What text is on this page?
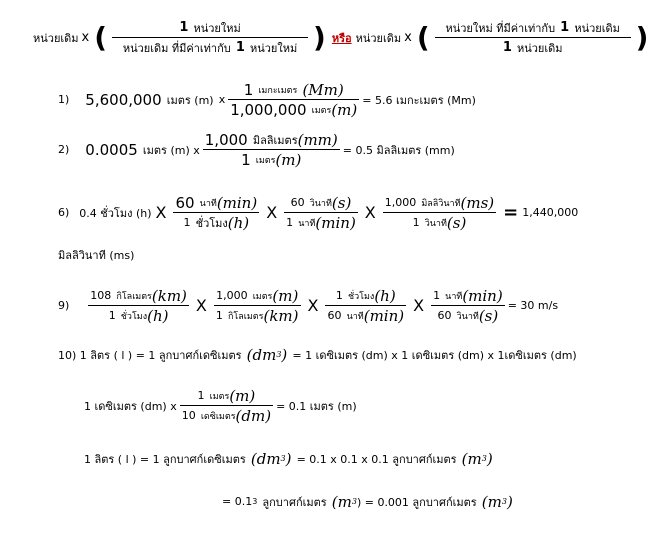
หน่วยเดิม x ( 1
หน่วยใหม่
หน่วยเดิม ที่มีค่าเท่ากับ
1
หน่วยใหม่ ) หรือ หน่วยเดิม x ( หน่วยใหม่ ที่มีค่าเท่ากับ
1
หน่วยเดิม
1
หน่วยเดิม )
1) 5,600,000
เมตร (m)
x 1
เมกะเมตร
(Mm)
1,000,000
เมตร (m) = 5.6 เมกะเมตร (Mm)
2) 0.0005
เมตร (m) x 1,000
มิลลิเมตร (mm)
1
เมตร (m) = 0.5 มิลลิเมตร (mm)
6) 0.4 ชั่วโมง (h) X 60
นาที (min)
1
ชั่วโมง (h) X 60
วินาที (s)
1
นาที (min) X 1,000
มิลลิวินาที (ms)
1
วินาที (s) = 1,440,000
มิลลิวินาที (ms)
9) 108
กิโลเมตร (km)
1
ชั่วโมง (h) X 1,000
เมตร (m)
1
กิโลเมตร (km) X 1
ชั่วโมง (h)
60
นาที (min) X 1
นาที (min)
60
วินาที (s) = 30 m/s
10) 1 ลิตร ( l ) = 1 ลูกบาศก์เดซิเมตร
(dm 3 )
= 1 เดซิเมตร (dm) x 1 เดซิเมตร (dm) x 1เดซิเมตร (dm)
1 เดซิเมตร (dm) x 1
เมตร (m)
10
เดซิเมตร (dm) = 0.1 เมตร (m)
1 ลิตร ( l ) = 1 ลูกบาศก์เดซิเมตร
(dm 3 )
= 0.1 x 0.1 x 0.1 ลูกบาศก์เมตร
(m 3 )
= 0.1 3
ลูกบาศก์เมตร
(m 3 ) = 0.001 ลูกบาศก์เมตร
(m 3 )
